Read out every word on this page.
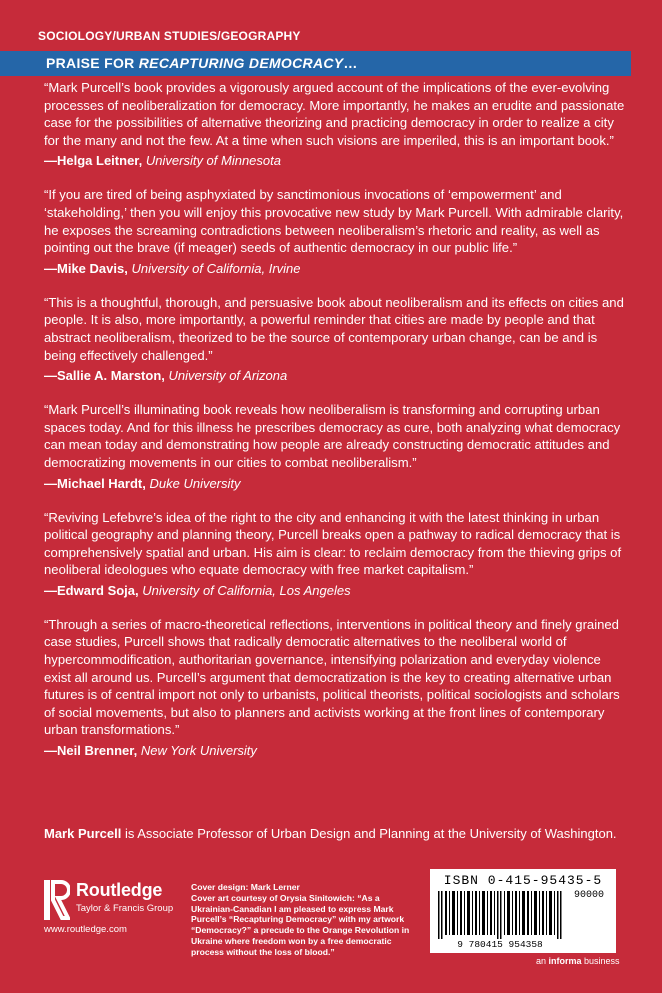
SOCIOLOGY/URBAN STUDIES/GEOGRAPHY
PRAISE FOR RECAPTURING DEMOCRACY…

“Mark Purcell’s book provides a vigorously argued account of the implications of the ever-evolving processes of neoliberalization for democracy. More importantly, he makes an erudite and passionate case for the possibilities of alternative theorizing and practicing democracy in order to realize a city for the many and not the few. At a time when such visions are imperiled, this is an important book.”

—Helga Leitner, University of Minnesota

“If you are tired of being asphyxiated by sanctimonious invocations of ‘empowerment’ and ‘stakeholding,’ then you will enjoy this provocative new study by Mark Purcell. With admirable clarity, he exposes the screaming contradictions between neoliberalism’s rhetoric and reality, as well as pointing out the brave (if meager) seeds of authentic democracy in our public life.”

—Mike Davis, University of California, Irvine

“This is a thoughtful, thorough, and persuasive book about neoliberalism and its effects on cities and people. It is also, more importantly, a powerful reminder that cities are made by people and that abstract neoliberalism, theorized to be the source of contemporary urban change, can be and is being effectively challenged.”

—Sallie A. Marston, University of Arizona

“Mark Purcell’s illuminating book reveals how neoliberalism is transforming and corrupting urban spaces today. And for this illness he prescribes democracy as cure, both analyzing what democracy can mean today and demonstrating how people are already constructing democratic attitudes and democratizing movements in our cities to combat neoliberalism.”

—Michael Hardt, Duke University

“Reviving Lefebvre’s idea of the right to the city and enhancing it with the latest thinking in urban political geography and planning theory, Purcell breaks open a pathway to radical democracy that is comprehensively spatial and urban. His aim is clear: to reclaim democracy from the thieving grips of neoliberal ideologues who equate democracy with free market capitalism.”

—Edward Soja, University of California, Los Angeles

“Through a series of macro-theoretical reflections, interventions in political theory and finely grained case studies, Purcell shows that radically democratic alternatives to the neoliberal world of hypercommodification, authoritarian governance, intensifying polarization and everyday violence exist all around us. Purcell’s argument that democratization is the key to creating alternative urban futures is of central import not only to urbanists, political theorists, political sociologists and scholars of social movements, but also to planners and activists working at the front lines of contemporary urban transformations.”

—Neil Brenner, New York University
Mark Purcell is Associate Professor of Urban Design and Planning at the University of Washington.
Routledge
Taylor & Francis Group
www.routledge.com
Cover design: Mark Lerner
Cover art courtesy of Orysia Sinitowich: “As a Ukrainian-Canadian I am pleased to express Mark Purcell’s “Recapturing Democracy” with my artwork “Democracy?” a precude to the Orange Revolution in Ukraine where freedom won by a free democratic process without the loss of blood.”
ISBN 0-415-95435-5
9 780415 954358
90000
an informa business
